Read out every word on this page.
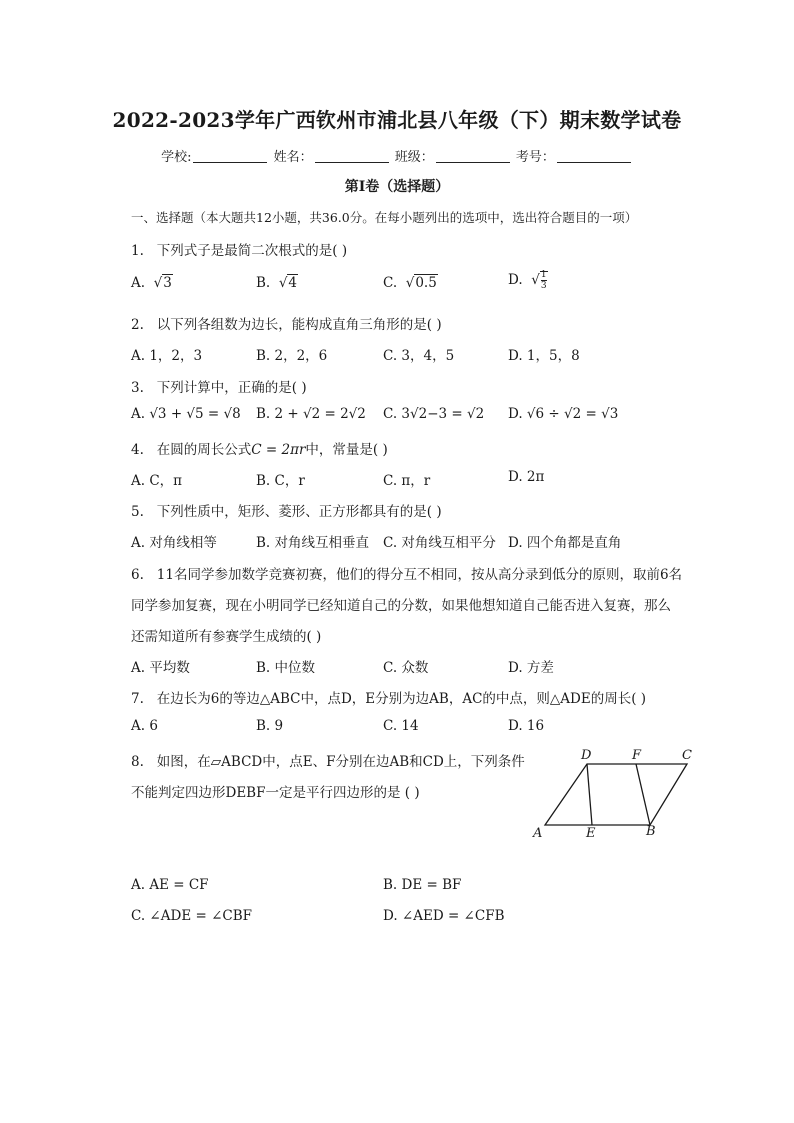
2022-2023学年广西钦州市浦北县八年级（下）期末数学试卷
学校:	姓名：	班级：	考号：
第I卷（选择题）
一、选择题（本大题共12小题，共36.0分。在每小题列出的选项中，选出符合题目的一项）
1. 下列式子是最简二次根式的是( )
A. √3	B. √4	C. √0.5	D. √ $\frac{1}{3}$
2. 以下列各组数为边长，能构成直角三角形的是( )
A. 1，2，3	B. 2，2，6	C. 3，4，5	D. 1，5，8
3. 下列计算中，正确的是( )
A. √3 + √5 = √8 B. 2 + √2 = 2√2 C. 3√2−3 = √2 D. √6 ÷ √2 = √3
4. 在圆的周长公式C = 2πr中，常量是( )
A. C，π	B. C，r	C. π，r	D. 2π
5. 下列性质中，矩形、菱形、正方形都具有的是( )
A. 对角线相等	B. 对角线互相垂直 C. 对角线互相平分 D. 四个角都是直角
6. 11名同学参加数学竞赛初赛，他们的得分互不相同，按从高分录到低分的原则，取前6名
同学参加复赛，现在小明同学已经知道自己的分数，如果他想知道自己能否进入复赛，那么
还需知道所有参赛学生成绩的( )
A. 平均数	B. 中位数	C. 众数	D. 方差
7. 在边长为6的等边△ABC中，点D，E分别为边AB，AC的中点，则△ADE的周长( )
A. 6	B. 9	C. 14	D. 16
8. 如图，在▱ABCD中，点E、F分别在边AB和CD上，下列条件
不能判定四边形DEBF一定是平行四边形的是 ( )
D	F	C
A	E	B
A. AE = CF	B. DE = BF
C. ∠ADE = ∠CBF	D. ∠AED = ∠CFB
